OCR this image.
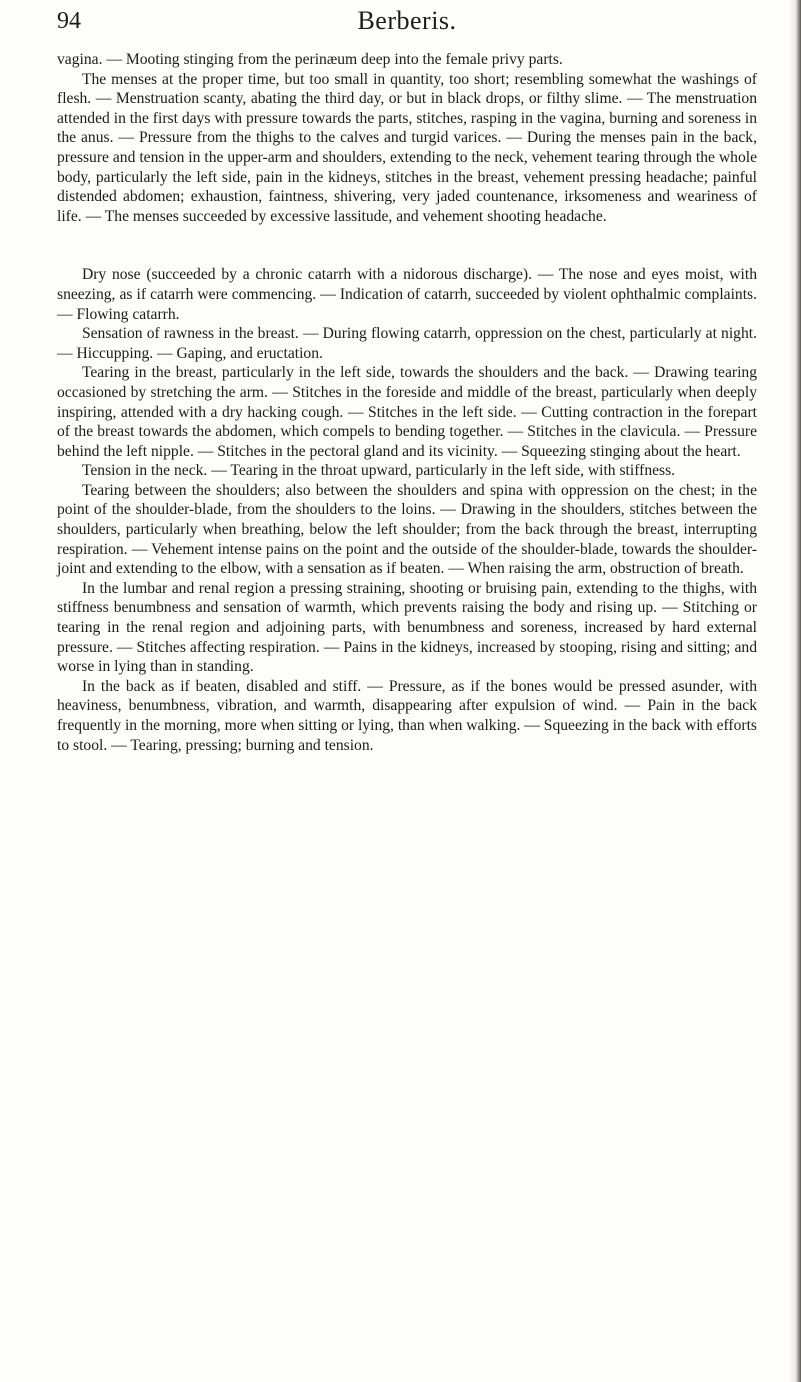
94	Berberis.

vagina. — Mooting stinging from the perinæum deep into the female privy parts.

The menses at the proper time, but too small in quantity, too short; resembling somewhat the washings of flesh. — Menstruation scanty, abating the third day, or but in black drops, or filthy slime. — The menstruation attended in the first days with pressure towards the parts, stitches, rasping in the vagina, burning and soreness in the anus. — Pressure from the thighs to the calves and turgid varices. — During the menses pain in the back, pressure and tension in the upper-arm and shoulders, extending to the neck, vehement tearing through the whole body, particularly the left side, pain in the kidneys, stitches in the breast, vehement pressing headache; painful distended abdomen; exhaustion, faintness, shivering, very jaded countenance, irksomeness and weariness of life. — The menses succeeded by excessive lassitude, and vehement shooting headache.

Dry nose (succeeded by a chronic catarrh with a nidorous discharge). — The nose and eyes moist, with sneezing, as if catarrh were commencing. — Indication of catarrh, succeeded by violent ophthalmic complaints. — Flowing catarrh.

Sensation of rawness in the breast. — During flowing catarrh, oppression on the chest, particularly at night. — Hiccupping. — Gaping, and eructation.

Tearing in the breast, particularly in the left side, towards the shoulders and the back. — Drawing tearing occasioned by stretching the arm. — Stitches in the foreside and middle of the breast, particularly when deeply inspiring, attended with a dry hacking cough. — Stitches in the left side. — Cutting contraction in the forepart of the breast towards the abdomen, which compels to bending together. — Stitches in the clavicula. — Pressure behind the left nipple. — Stitches in the pectoral gland and its vicinity. — Squeezing stinging about the heart.

Tension in the neck. — Tearing in the throat upward, particularly in the left side, with stiffness.

Tearing between the shoulders; also between the shoulders and spina with oppression on the chest; in the point of the shoulder-blade, from the shoulders to the loins. — Drawing in the shoulders, stitches between the shoulders, particularly when breathing, below the left shoulder; from the back through the breast, interrupting respiration. — Vehement intense pains on the point and the outside of the shoulder-blade, towards the shoulder-joint and extending to the elbow, with a sensation as if beaten. — When raising the arm, obstruction of breath.

In the lumbar and renal region a pressing straining, shooting or bruising pain, extending to the thighs, with stiffness benumbness and sensation of warmth, which prevents raising the body and rising up. — Stitching or tearing in the renal region and adjoining parts, with benumbness and soreness, increased by hard external pressure. — Stitches affecting respiration. — Pains in the kidneys, increased by stooping, rising and sitting; and worse in lying than in standing.

In the back as if beaten, disabled and stiff. — Pressure, as if the bones would be pressed asunder, with heaviness, benumbness, vibration, and warmth, disappearing after expulsion of wind. — Pain in the back frequently in the morning, more when sitting or lying, than when walking. — Squeezing in the back with efforts to stool. — Tearing, pressing; burning and tension.
